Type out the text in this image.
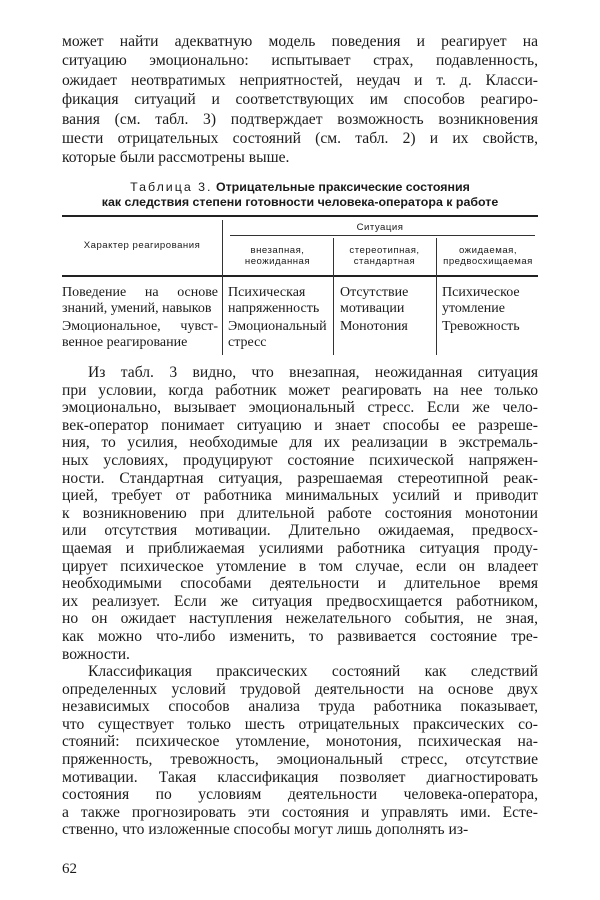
может найти адекватную модель поведения и реагирует на
ситуацию эмоционально: испытывает страх, подавленность,
ожидает неотвратимых неприятностей, неудач и т. д. Класси-
фикация ситуаций и соответствующих им способов реагиро-
вания (см. табл. 3) подтверждает возможность возникновения
шести отрицательных состояний (см. табл. 2) и их свойств,
которые были рассмотрены выше.
Таблица 3. Отрицательные праксические состояния
как следствия степени готовности человека-оператора к работе
Характер реагирования
Ситуация
внезапная,
неожиданная
стереотипная,
стандартная
ожидаемая,
предвосхищаемая
Поведение на основе
знаний, умений, навыков
Психическая
напряженность
Отсутствие
мотивации
Психическое
утомление
Эмоциональное, чувст-
венное реагирование
Эмоциональный
стресс
Монотония	Тревожность
Из табл. 3 видно, что внезапная, неожиданная ситуация
при условии, когда работник может реагировать на нее только
эмоционально, вызывает эмоциональный стресс. Если же чело-
век-оператор понимает ситуацию и знает способы ее разреше-
ния, то усилия, необходимые для их реализации в экстремаль-
ных условиях, продуцируют состояние психической напряжен-
ности. Стандартная ситуация, разрешаемая стереотипной реак-
цией, требует от работника минимальных усилий и приводит
к возникновению при длительной работе состояния монотонии
или отсутствия мотивации. Длительно ожидаемая, предвосх-
щаемая и приближаемая усилиями работника ситуация проду-
цирует психическое утомление в том случае, если он владеет
необходимыми способами деятельности и длительное время
их реализует. Если же ситуация предвосхищается работником,
но он ожидает наступления нежелательного события, не зная,
как можно что-либо изменить, то развивается состояние тре-
вожности.
Классификация праксических состояний как следствий
определенных условий трудовой деятельности на основе двух
независимых способов анализа труда работника показывает,
что существует только шесть отрицательных праксических со-
стояний: психическое утомление, монотония, психическая на-
пряженность, тревожность, эмоциональный стресс, отсутствие
мотивации. Такая классификация позволяет диагностировать
состояния по условиям деятельности человека-оператора,
а также прогнозировать эти состояния и управлять ими. Есте-
ственно, что изложенные способы могут лишь дополнять из-
62
